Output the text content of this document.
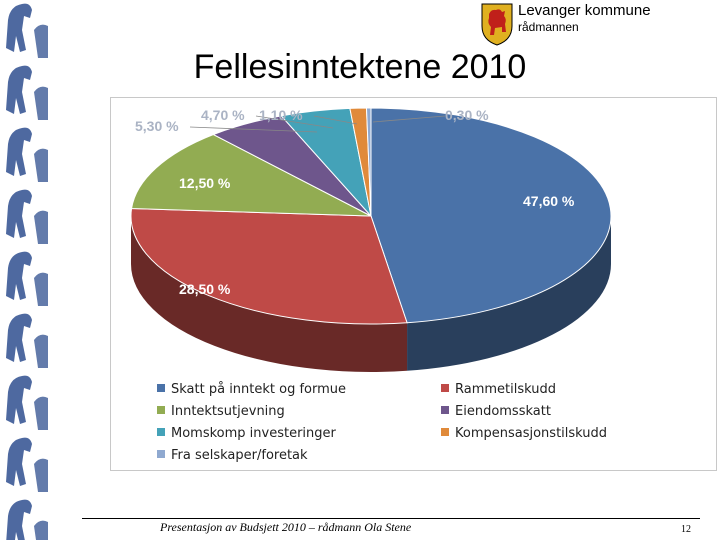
Levanger kommune
rådmannen
Fellesinntektene 2010
47,60 %
28,50 %
12,50 %
5,30 %
4,70 % 1,10 %	0,30 %
Skatt på inntekt og formue	Rammetilskudd
Inntektsutjevning	Eiendomsskatt
Momskomp investeringer	Kompensasjonstilskudd
Fra selskaper/foretak
Presentasjon av Budsjett 2010 – rådmann Ola Stene	12
